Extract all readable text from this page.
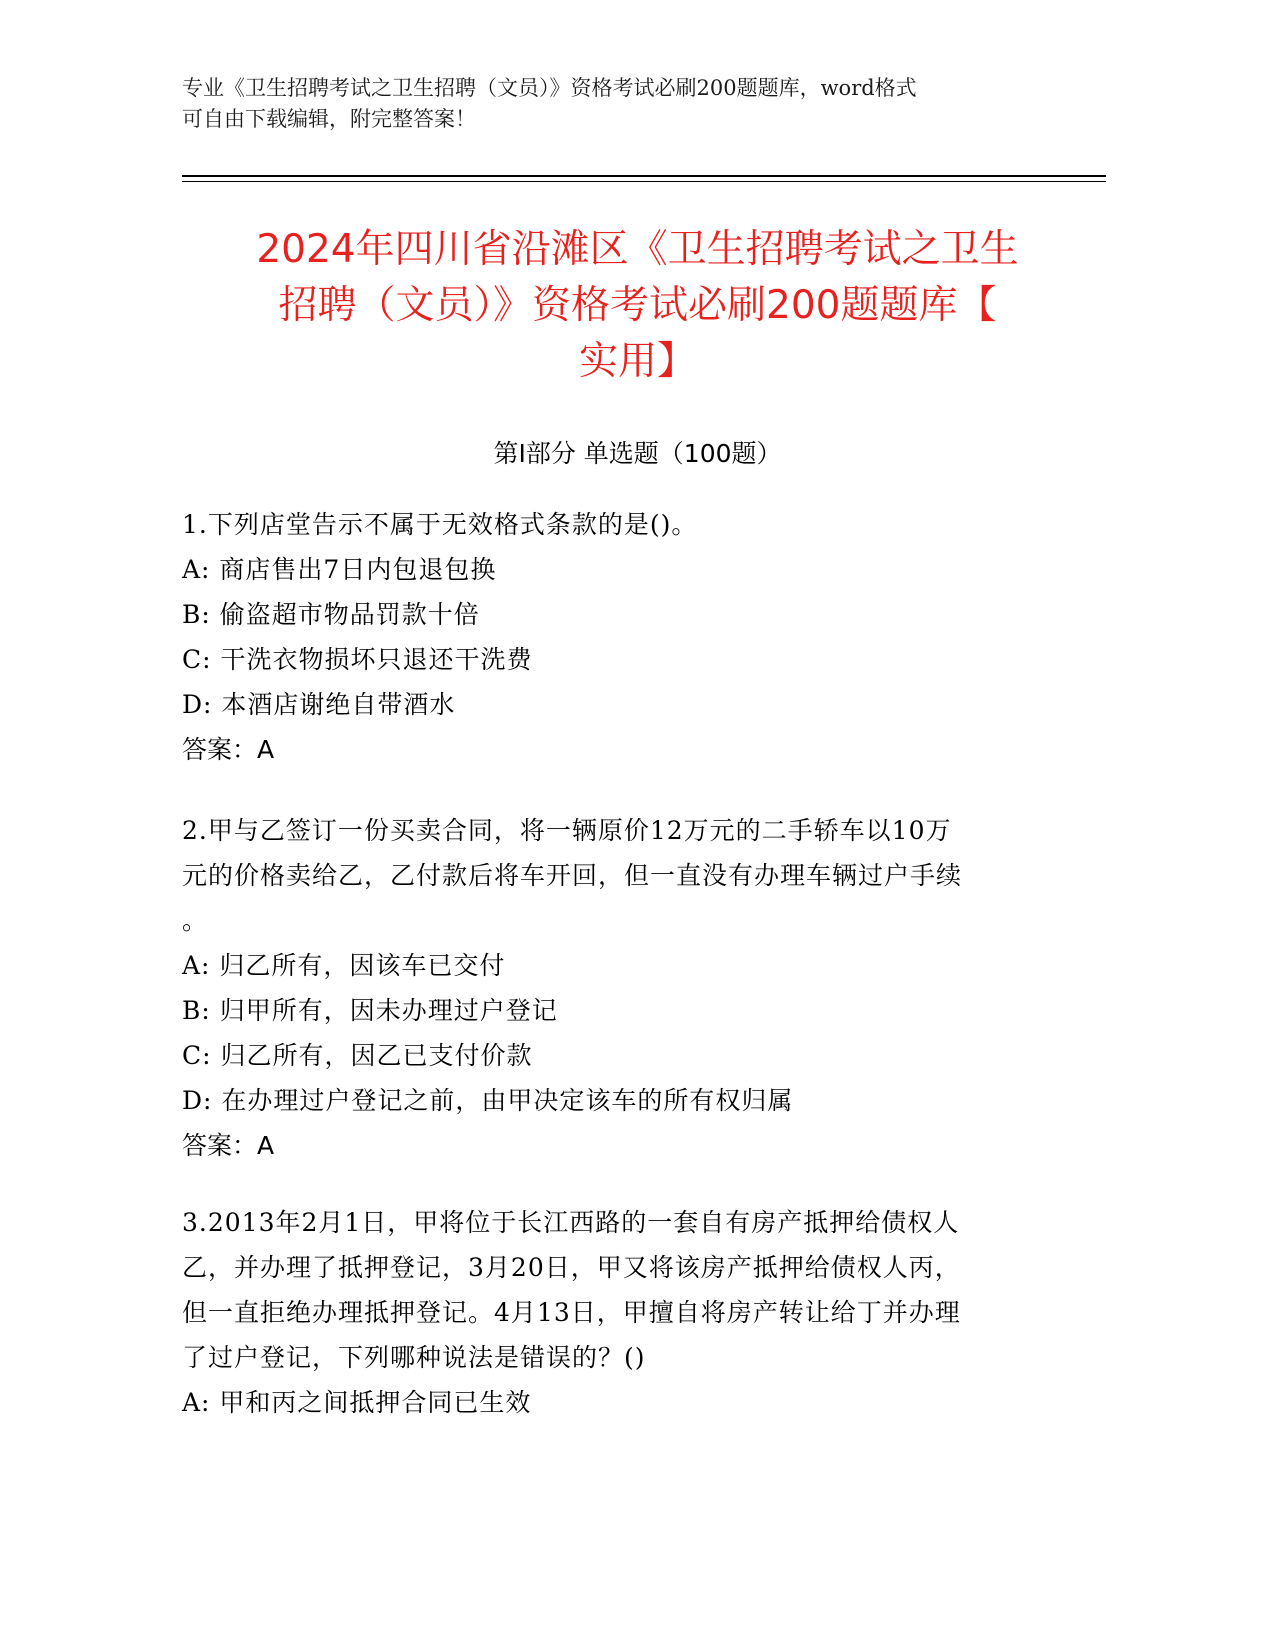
专业《卫生招聘考试之卫生招聘（文员）》资格考试必刷200题题库，word格式
可自由下载编辑，附完整答案！
2024年四川省沿滩区《卫生招聘考试之卫生
招聘（文员）》资格考试必刷200题题库【
实用】
第Ⅰ部分 单选题（100题）
1.下列店堂告示不属于无效格式条款的是()。
A: 商店售出7日内包退包换
B: 偷盗超市物品罚款十倍
C: 干洗衣物损坏只退还干洗费
D: 本酒店谢绝自带酒水
答案：A
2.甲与乙签订一份买卖合同，将一辆原价12万元的二手轿车以10万
元的价格卖给乙，乙付款后将车开回，但一直没有办理车辆过户手续
。
A: 归乙所有，因该车已交付
B: 归甲所有，因未办理过户登记
C: 归乙所有，因乙已支付价款
D: 在办理过户登记之前，由甲决定该车的所有权归属
答案：A
3.2013年2月1日，甲将位于长江西路的一套自有房产抵押给债权人
乙，并办理了抵押登记，3月20日，甲又将该房产抵押给债权人丙，
但一直拒绝办理抵押登记。4月13日，甲擅自将房产转让给丁并办理
了过户登记，下列哪种说法是错误的？()
A: 甲和丙之间抵押合同已生效
